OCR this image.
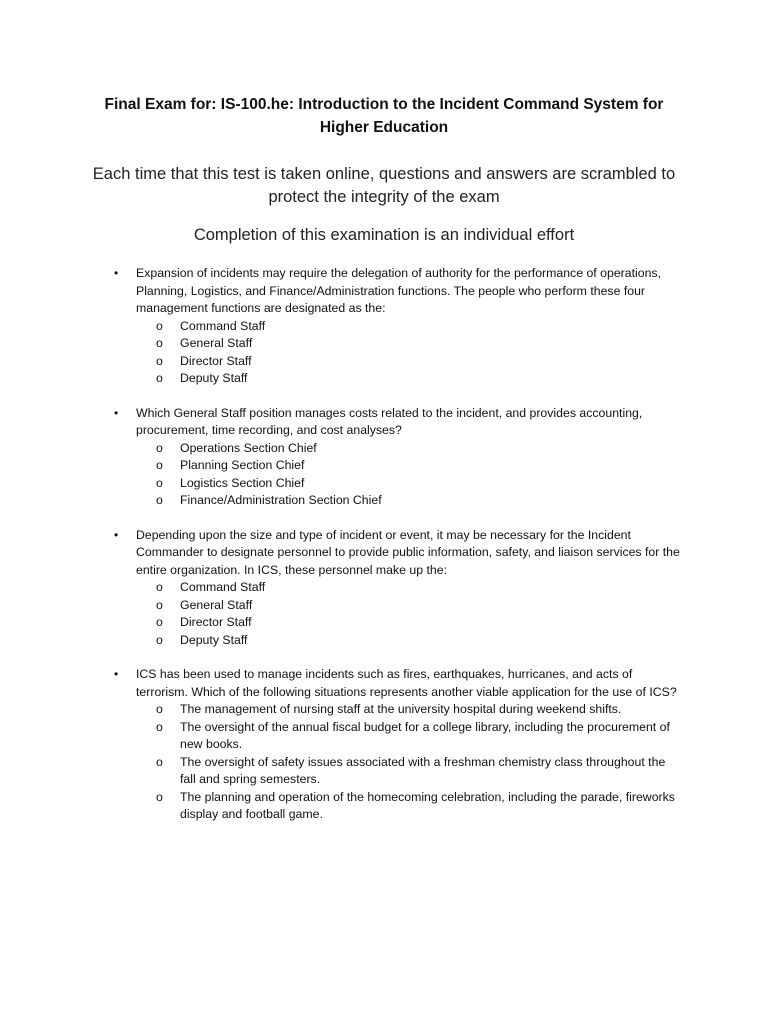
Final Exam for: IS-100.he: Introduction to the Incident Command System for Higher Education
Each time that this test is taken online, questions and answers are scrambled to protect the integrity of the exam
Completion of this examination is an individual effort
• Expansion of incidents may require the delegation of authority for the performance of operations, Planning, Logistics, and Finance/Administration functions. The people who perform these four management functions are designated as the:
o Command Staff
o General Staff
o Director Staff
o Deputy Staff
• Which General Staff position manages costs related to the incident, and provides accounting, procurement, time recording, and cost analyses?
o Operations Section Chief
o Planning Section Chief
o Logistics Section Chief
o Finance/Administration Section Chief
• Depending upon the size and type of incident or event, it may be necessary for the Incident Commander to designate personnel to provide public information, safety, and liaison services for the entire organization. In ICS, these personnel make up the:
o Command Staff
o General Staff
o Director Staff
o Deputy Staff
• ICS has been used to manage incidents such as fires, earthquakes, hurricanes, and acts of terrorism. Which of the following situations represents another viable application for the use of ICS?
o The management of nursing staff at the university hospital during weekend shifts.
o The oversight of the annual fiscal budget for a college library, including the procurement of new books.
o The oversight of safety issues associated with a freshman chemistry class throughout the fall and spring semesters.
o The planning and operation of the homecoming celebration, including the parade, fireworks display and football game.
